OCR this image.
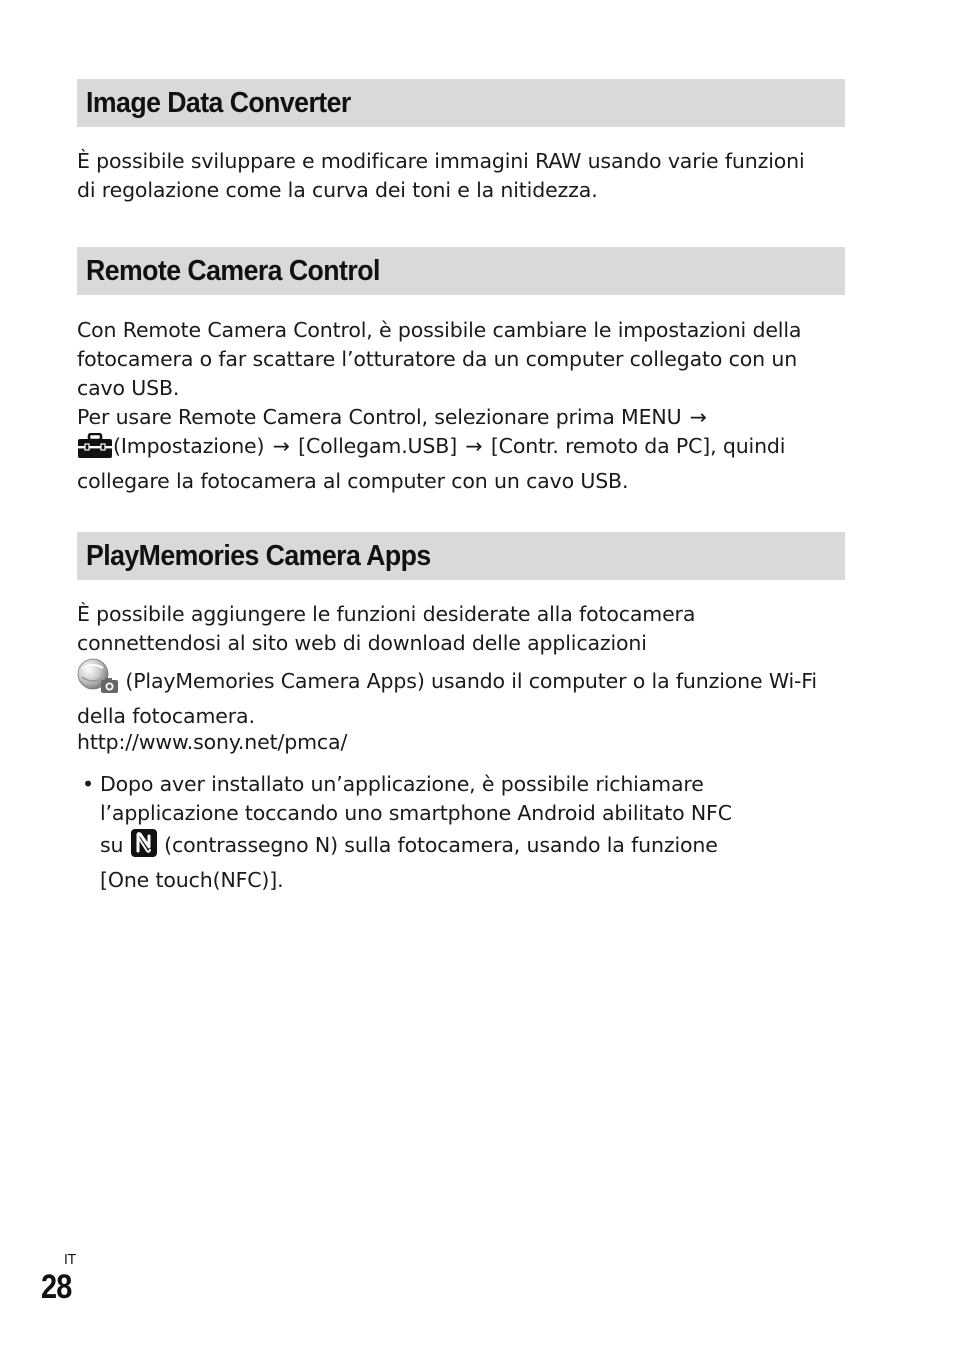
Image Data Converter

È possibile sviluppare e modificare immagini RAW usando varie funzioni
di regolazione come la curva dei toni e la nitidezza.

Remote Camera Control

Con Remote Camera Control, è possibile cambiare le impostazioni della
fotocamera o far scattare l’otturatore da un computer collegato con un
cavo USB.
Per usare Remote Camera Control, selezionare prima MENU →
(Impostazione) → [Collegam.USB] → [Contr. remoto da PC], quindi
collegare la fotocamera al computer con un cavo USB.

PlayMemories Camera Apps

È possibile aggiungere le funzioni desiderate alla fotocamera
connettendosi al sito web di download delle applicazioni
(PlayMemories Camera Apps) usando il computer o la funzione Wi-Fi
della fotocamera.

http://www.sony.net/pmca/

• Dopo aver installato un’applicazione, è possibile richiamare
l’applicazione toccando uno smartphone Android abilitato NFC
su (contrassegno N) sulla fotocamera, usando la funzione
[One touch(NFC)].
IT
28
